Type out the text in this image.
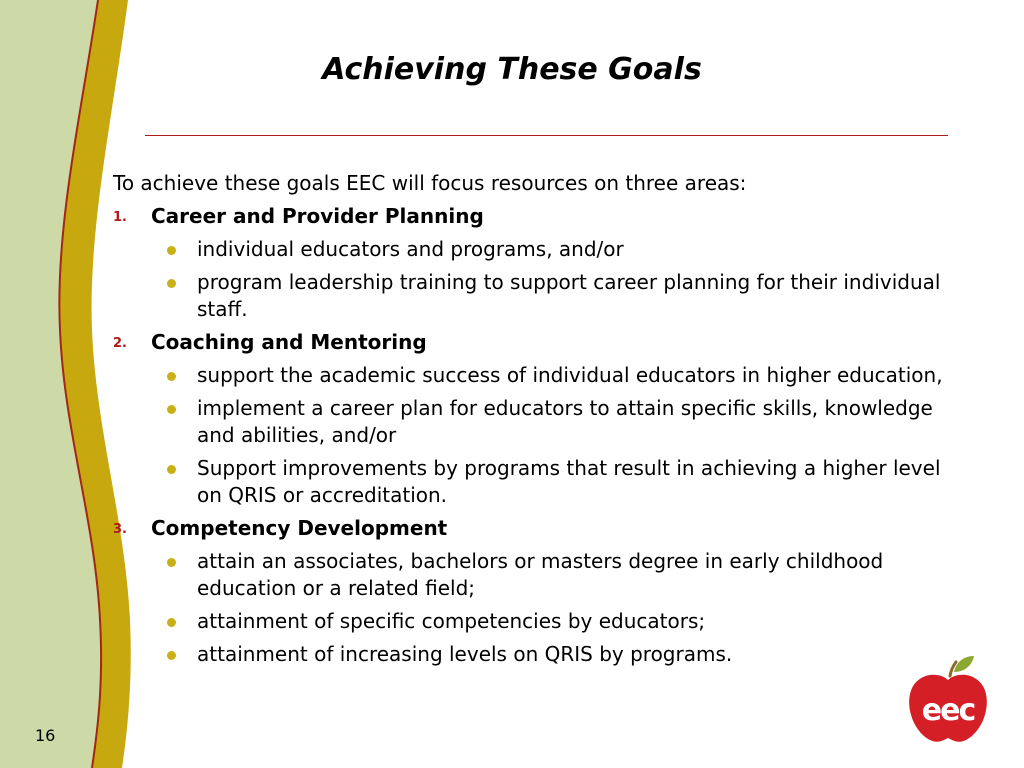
Achieving These Goals
To achieve these goals EEC will focus resources on three areas:
1. Career and Provider Planning
individual educators and programs, and/or
program leadership training to support career planning for their individual staff.
2. Coaching and Mentoring
support the academic success of individual educators in higher education,
implement a career plan for educators to attain specific skills, knowledge and abilities, and/or
Support improvements by programs that result in achieving a higher level on QRIS or accreditation.
3. Competency Development
attain an associates, bachelors or masters degree in early childhood education or a related field;
attainment of specific competencies by educators;
attainment of increasing levels on QRIS by programs.
16
eec
